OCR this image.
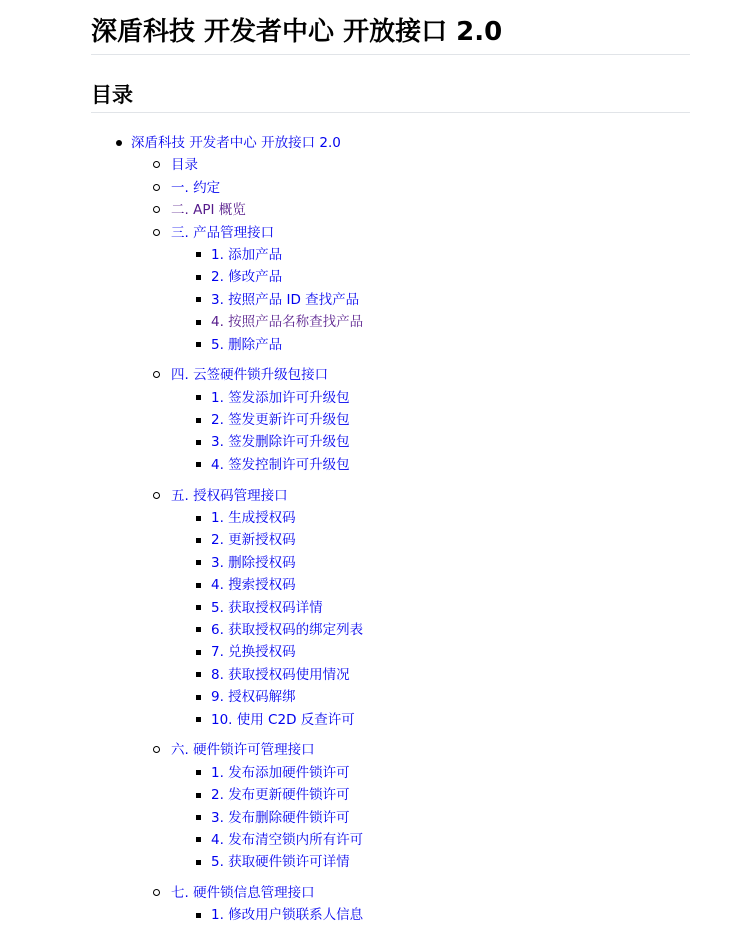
深盾科技 开发者中心 开放接口 2.0
目录
深盾科技 开发者中心 开放接口 2.0
目录
一. 约定
二. API 概览
三. 产品管理接口
1. 添加产品
2. 修改产品
3. 按照产品 ID 查找产品
4. 按照产品名称查找产品
5. 删除产品
四. 云签硬件锁升级包接口
1. 签发添加许可升级包
2. 签发更新许可升级包
3. 签发删除许可升级包
4. 签发控制许可升级包
五. 授权码管理接口
1. 生成授权码
2. 更新授权码
3. 删除授权码
4. 搜索授权码
5. 获取授权码详情
6. 获取授权码的绑定列表
7. 兑换授权码
8. 获取授权码使用情况
9. 授权码解绑
10. 使用 C2D 反查许可
六. 硬件锁许可管理接口
1. 发布添加硬件锁许可
2. 发布更新硬件锁许可
3. 发布删除硬件锁许可
4. 发布清空锁内所有许可
5. 获取硬件锁许可详情
七. 硬件锁信息管理接口
1. 修改用户锁联系人信息
